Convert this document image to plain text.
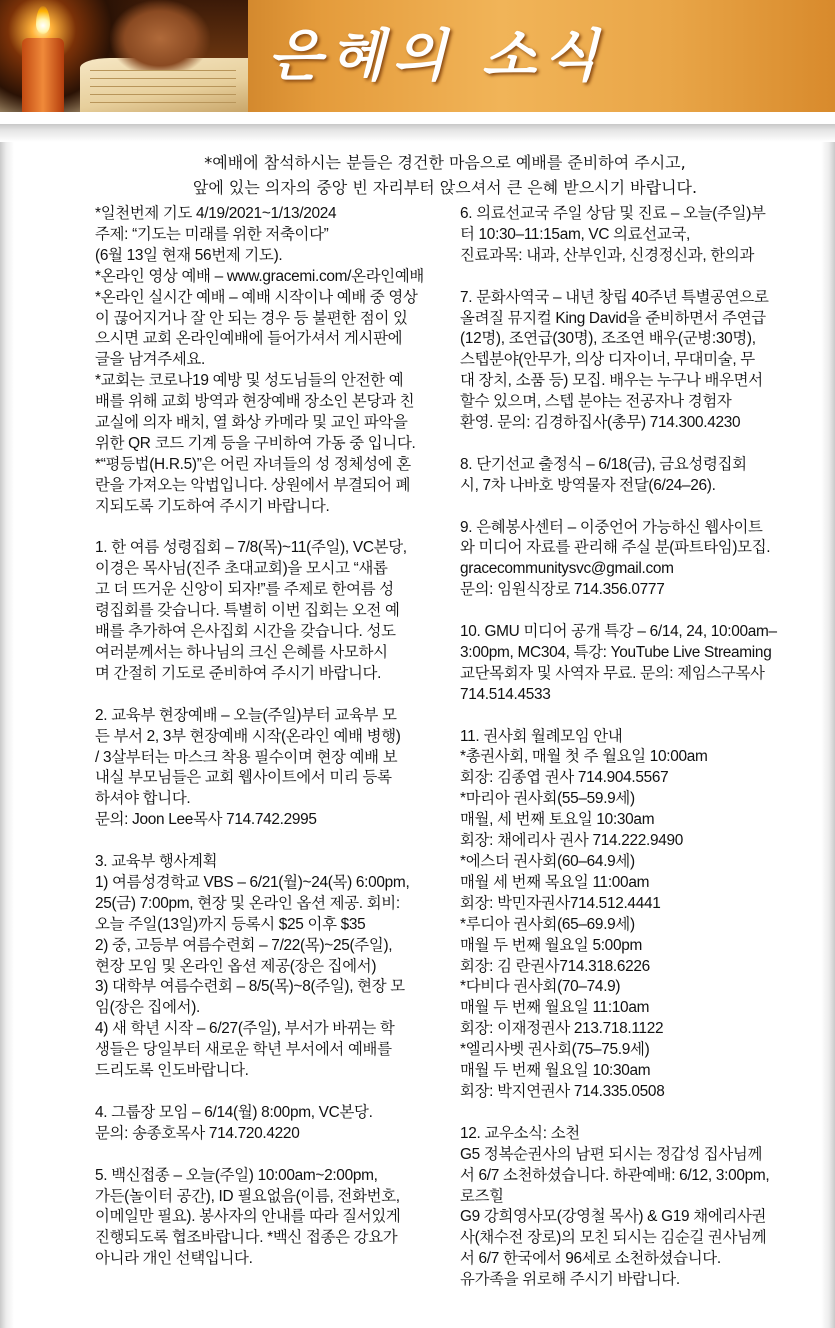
은혜의 소식
*예배에 참석하시는 분들은 경건한 마음으로 예배를 준비하여 주시고,
앞에 있는 의자의 중앙 빈 자리부터 앉으셔서 큰 은혜 받으시기 바랍니다.
*일천번제 기도 4/19/2021~1/13/2024
주제: “기도는 미래를 위한 저축이다”
(6월 13일 현재 56번제 기도).
*온라인 영상 예배 – www.gracemi.com/온라인예배
*온라인 실시간 예배 – 예배 시작이나 예배 중 영상
이 끊어지거나 잘 안 되는 경우 등 불편한 점이 있
으시면 교회 온라인예배에 들어가셔서 게시판에
글을 남겨주세요.
*교회는 코로나19 예방 및 성도님들의 안전한 예
배를 위해 교회 방역과 현장예배 장소인 본당과 친
교실에 의자 배치, 열 화상 카메라 및 교인 파악을
위한 QR 코드 기계 등을 구비하여 가동 중 입니다.
*“평등법(H.R.5)”은 어린 자녀들의 성 정체성에 혼
란을 가져오는 악법입니다. 상원에서 부결되어 폐
지되도록 기도하여 주시기 바랍니다.
1. 한 여름 성령집회 – 7/8(목)~11(주일), VC본당,
이경은 목사님(진주 초대교회)을 모시고 “새롭
고 더 뜨거운 신앙이 되자!”를 주제로 한여름 성
령집회를 갖습니다. 특별히 이번 집회는 오전 예
배를 추가하여 은사집회 시간을 갖습니다. 성도
여러분께서는 하나님의 크신 은혜를 사모하시
며 간절히 기도로 준비하여 주시기 바랍니다.
2. 교육부 현장예배 – 오늘(주일)부터 교육부 모
든 부서 2, 3부 현장예배 시작(온라인 예배 병행)
/ 3살부터는 마스크 착용 필수이며 현장 예배 보
내실 부모님들은 교회 웹사이트에서 미리 등록
하셔야 합니다.
문의: Joon Lee목사 714.742.2995
3. 교육부 행사계획
1) 여름성경학교 VBS – 6/21(월)~24(목) 6:00pm,
25(금) 7:00pm, 현장 및 온라인 옵션 제공. 회비:
오늘 주일(13일)까지 등록시 $25 이후 $35
2) 중, 고등부 여름수련회 – 7/22(목)~25(주일),
현장 모임 및 온라인 옵션 제공(장은 집에서)
3) 대학부 여름수련회 – 8/5(목)~8(주일), 현장 모
임(장은 집에서).
4) 새 학년 시작 – 6/27(주일), 부서가 바뀌는 학
생들은 당일부터 새로운 학년 부서에서 예배를
드리도록 인도바랍니다.
4. 그룹장 모임 – 6/14(월) 8:00pm, VC본당.
문의: 송종호목사 714.720.4220
5. 백신접종 – 오늘(주일) 10:00am~2:00pm,
가든(놀이터 공간), ID 필요없음(이름, 전화번호,
이메일만 필요). 봉사자의 안내를 따라 질서있게
진행되도록 협조바랍니다. *백신 접종은 강요가
아니라 개인 선택입니다.
6. 의료선교국 주일 상담 및 진료 – 오늘(주일)부
터 10:30–11:15am, VC 의료선교국,
진료과목: 내과, 산부인과, 신경정신과, 한의과
7. 문화사역국 – 내년 창립 40주년 특별공연으로
올려질 뮤지컬 King David을 준비하면서 주연급
(12명), 조연급(30명), 조조연 배우(군병:30명),
스텝분야(안무가, 의상 디자이너, 무대미술, 무
대 장치, 소품 등) 모집. 배우는 누구나 배우면서
할수 있으며, 스텝 분야는 전공자나 경험자
환영. 문의: 김경하집사(총무) 714.300.4230
8. 단기선교 출정식 – 6/18(금), 금요성령집회
시, 7차 나바호 방역물자 전달(6/24–26).
9. 은혜봉사센터 – 이중언어 가능하신 웹사이트
와 미디어 자료를 관리해 주실 분(파트타임)모집.
gracecommunitysvc@gmail.com
문의: 임원식장로 714.356.0777
10. GMU 미디어 공개 특강 – 6/14, 24, 10:00am–
3:00pm, MC304, 특강: YouTube Live Streaming
교단목회자 및 사역자 무료. 문의: 제임스구목사
714.514.4533
11. 권사회 월례모임 안내
*총권사회, 매월 첫 주 월요일 10:00am
회장: 김종엽 권사 714.904.5567
*마리아 권사회(55–59.9세)
매월, 세 번째 토요일 10:30am
회장: 채에리사 권사 714.222.9490
*에스더 권사회(60–64.9세)
매월 세 번째 목요일 11:00am
회장: 박민자권사714.512.4441
*루디아 권사회(65–69.9세)
매월 두 번째 월요일 5:00pm
회장: 김 란권사714.318.6226
*다비다 권사회(70–74.9)
매월 두 번째 월요일 11:10am
회장: 이재정권사 213.718.1122
*엘리사벳 권사회(75–75.9세)
매월 두 번째 월요일 10:30am
회장: 박지연권사 714.335.0508
12. 교우소식: 소천
G5 정복순권사의 남편 되시는 정갑성 집사님께
서 6/7 소천하셨습니다. 하관예배: 6/12, 3:00pm,
로즈힐
G9 강희영사모(강영철 목사) & G19 채에리사권
사(채수전 장로)의 모친 되시는 김순길 권사님께
서 6/7 한국에서 96세로 소천하셨습니다.
유가족을 위로해 주시기 바랍니다.
